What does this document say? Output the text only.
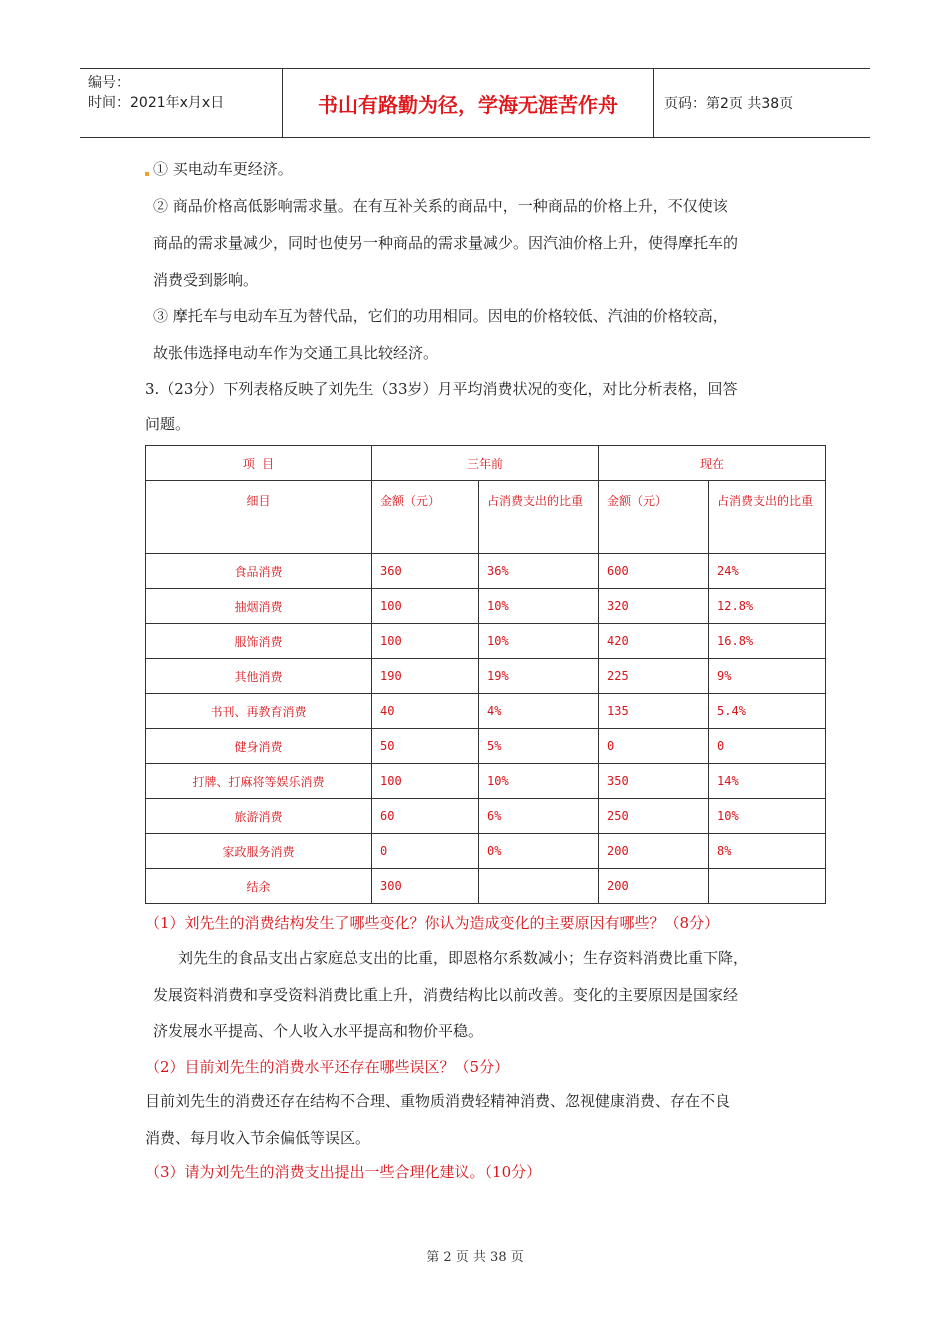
编号：
时间：2021年x月x日	书山有路勤为径，学海无涯苦作舟	页码：第2页 共38页
① 买电动车更经济。
② 商品价格高低影响需求量。在有互补关系的商品中，一种商品的价格上升，不仅使该
商品的需求量减少，同时也使另一种商品的需求量减少。因汽油价格上升，使得摩托车的
消费受到影响。
③ 摩托车与电动车互为替代品，它们的功用相同。因电的价格较低、汽油的价格较高，
故张伟选择电动车作为交通工具比较经济。
3.（23分）下列表格反映了刘先生（33岁）月平均消费状况的变化，对比分析表格，回答
问题。
项 目	三年前		现在	
细目	金额（元）	占消费支出的比重	金额（元）	占消费支出的比重
食品消费	360	36%	600	24%
抽烟消费	100	10%	320	12.8%
服饰消费	100	10%	420	16.8%
其他消费	190	19%	225	9%
书刊、再教育消费	40	4%	135	5.4%
健身消费	50	5%	0	0
打牌、打麻将等娱乐消费	100	10%	350	14%
旅游消费	60	6%	250	10%
家政服务消费	0	0%	200	8%
结余	300		200	
（1）刘先生的消费结构发生了哪些变化？你认为造成变化的主要原因有哪些？（8分）
刘先生的食品支出占家庭总支出的比重，即恩格尔系数减小；生存资料消费比重下降，
发展资料消费和享受资料消费比重上升，消费结构比以前改善。变化的主要原因是国家经
济发展水平提高、个人收入水平提高和物价平稳。
（2）目前刘先生的消费水平还存在哪些误区？（5分）
目前刘先生的消费还存在结构不合理、重物质消费轻精神消费、忽视健康消费、存在不良
消费、每月收入节余偏低等误区。
（3）请为刘先生的消费支出提出一些合理化建议。（10分）
第 2 页 共 38 页
